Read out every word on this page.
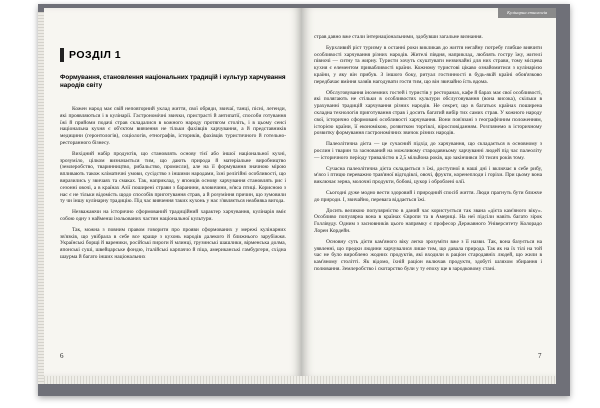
РОЗДІЛ 1
Формування, становлення національних традицій і культур харчування народів світу

Кожен народ має свій неповторний уклад життя, свої обряди, звичаї, танці, пісні, легенди, які проявляються і в кулінарії. Гастрономічні звички, пристрасті й антипатії, способи готування їжі й прийоми подачі страв складалися в кожного народу протягом століть, і в цьому сенсі національна кухня є об'єктом вивчення не тільки фахівців харчування, а й представників медицини (геронтологів), соціологів, етнографів, істориків, фахівців туристичного й готельно-ресторанного бізнесу.

Вихідний набір продуктів, що становлять основу тієї або іншої національної кухні, зрозуміло, цілком визначається тим, що дають природа й матеріальне виробництво (землеробство, тваринництво, рибальство, промисли), але на її формування значною мірою впливають також кліматичні умови, сусідство з іншими народами, їхні релігійні особливості, що виразились у звичаях та смаках. Так, наприклад, у японців основу харчування становлять рис і сезонні овочі, а в країнах Азії поширені страви з баранини, яловичини, м'яса птиці. Корисною з нас є не тільки відомість щодо способів приготування страв, а й розуміння причин, що зумовили ту чи іншу кулінарну традицію. Під час вивчення таких кухонь у нас з'являється неабияка вигода.

Незважаючи на історично сформований традиційний характер харчування, кулінарія вміє собою одну з найменш ізольованих частин національної культури.

Так, можна з повним правом говорити про прояви сформованих у мережі кулінарних зв'язків, що увібрала в себе все краще з кухонь народів далекого й ближнього зарубіжжя. Українські борщі й вареники, російські пироги й млинці, грузинські шашлики, вірменська долма, японські суші, швейцарське фондю, італійські карпаччо й піца, американські гамбургери, східна шаурма й багато інших національних

6
Кулінарна етнологія

страв давно вже стали інтернаціональними, здобувши загальне визнання.

Бурхливий ріст туризму в останні роки викликав до життя негайну потребу глибше вивчити особливості харчування різних народів. Жителі півдня, наприклад, люблять гостру їжу, жителі півночі — ситну та жирну. Туристи хочуть скуштувати незвичайні для них страви, тому місцева кухня є елементом привабливості країни. Кожному туристові цікаво ознайомитися з кулінарією країни, у яку він прибув. З іншого боку, ритуал гостинності в будь-якій країні обов'язково передбачає вміння хазяїв нагодувати гостя тим, що він звичайно їсть вдома.

Обслуговування іноземних гостей і туристів у ресторанах, кафе й барах має свої особливості, які полягають не стільки в особливостях культури обслуговування (вона висока), скільки в урахуванні традицій харчування різних народів. Не секрет, що в багатьох країнах поширена складна технологія приготування страв і досить багатий вибір тих самих страв. У кожного народу свої, історично сформовані особливості харчування. Вони пов'язані з географічним положенням, історією країни, її економікою, розвитком торгівлі, віросповіданням. Розглянемо в історичному розвитку формування гастрономічних звичок різних народів.

Палеолітична дієта — це сучасний підхід до харчування, що складається в основному з рослин і тварин та заснований на можливому стародавньому харчуванні людей під час палеоліту — історичного періоду тривалістю в 2,5 мільйона років, що закінчився 10 тисяч років тому.

Сучасна палеолітична дієта складається з їжі, доступної в наші дні і включає в себе рибу, м'ясо і птицю переважно трав'яної відгодівлі, овочі, фрукти, коренеплоди і горіхи. При цьому вона виключає зерна, молочні продукти, бобові, цукор і оброблені олії.

Сьогодні дуже модно вести здоровий і природний спосіб життя. Люди прагнуть бути ближче до природи. І, звичайно, перевага віддається їжі.

Досить великою популярністю в даний час користується так звана «дієта кам'яного віку». Особливо популярна вона в країнах Європи та в Америці. На неї підсіли навіть багато зірок Голлівуду. Одним з засновників цього напрямку є професор Державного Університету Колорадо Лорен Кордейн.

Основну суть дієти кам'яного віку легко зрозуміти вже з її назви. Так, вона базується на уявленні, що предки людини харчувалися лише тим, що давала природа. Так як на їх тілі на той час не було вироблено жодних продуктів, які входили в раціон стародавніх людей, що жили в кам'яному столітті. Як відомо, їхній раціон включав продукти, здобуті шляхом збирання і полювання. Землеробство і скотарство були у ту епоху ще в зародковому стані.

7
